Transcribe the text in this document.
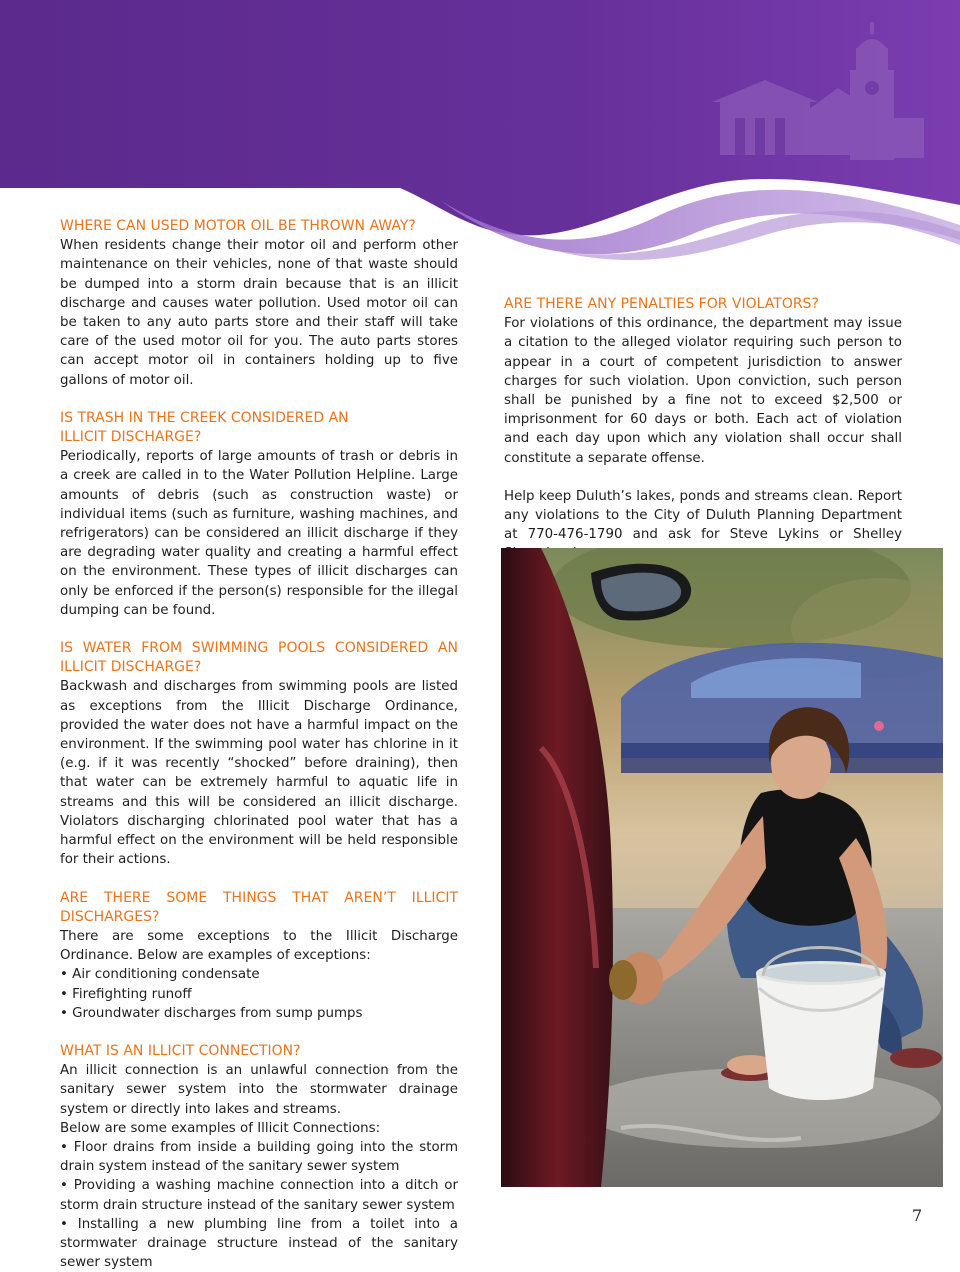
WHERE CAN USED MOTOR OIL BE THROWN AWAY?

When residents change their motor oil and perform other maintenance on their vehicles, none of that waste should be dumped into a storm drain because that is an illicit discharge and causes water pollution. Used motor oil can be taken to any auto parts store and their staff will take care of the used motor oil for you. The auto parts stores can accept motor oil in containers holding up to five gallons of motor oil.

IS TRASH IN THE CREEK CONSIDERED AN ILLICIT DISCHARGE?

Periodically, reports of large amounts of trash or debris in a creek are called in to the Water Pollution Helpline. Large amounts of debris (such as construction waste) or individual items (such as furniture, washing machines, and refrigerators) can be considered an illicit discharge if they are degrading water quality and creating a harmful effect on the environment. These types of illicit discharges can only be enforced if the person(s) responsible for the illegal dumping can be found.

IS WATER FROM SWIMMING POOLS CONSIDERED AN ILLICIT DISCHARGE?

Backwash and discharges from swimming pools are listed as exceptions from the Illicit Discharge Ordinance, provided the water does not have a harmful impact on the environment. If the swimming pool water has chlorine in it (e.g. if it was recently “shocked” before draining), then that water can be extremely harmful to aquatic life in streams and this will be considered an illicit discharge. Violators discharging chlorinated pool water that has a harmful effect on the environment will be held responsible for their actions.

ARE THERE SOME THINGS THAT AREN’T ILLICIT DISCHARGES?

There are some exceptions to the Illicit Discharge Ordinance. Below are examples of exceptions:

• Air conditioning condensate

• Firefighting runoff

• Groundwater discharges from sump pumps

WHAT IS AN ILLICIT CONNECTION?

An illicit connection is an unlawful connection from the sanitary sewer system into the stormwater drainage system or directly into lakes and streams.

Below are some examples of Illicit Connections:

• Floor drains from inside a building going into the storm drain system instead of the sanitary sewer system

• Providing a washing machine connection into a ditch or storm drain structure instead of the sanitary sewer system

• Installing a new plumbing line from a toilet into a stormwater drainage structure instead of the sanitary sewer system

ARE THERE ANY PENALTIES FOR VIOLATORS?

For violations of this ordinance, the department may issue a citation to the alleged violator requiring such person to appear in a court of competent jurisdiction to answer charges for such violation. Upon conviction, such person shall be punished by a fine not to exceed $2,500 or imprisonment for 60 days or both. Each act of violation and each day upon which any violation shall occur shall constitute a separate offense.

Help keep Duluth’s lakes, ponds and streams clean. Report any violations to the City of Duluth Planning Department at 770-476-1790 and ask for Steve Lykins or Shelley

7
